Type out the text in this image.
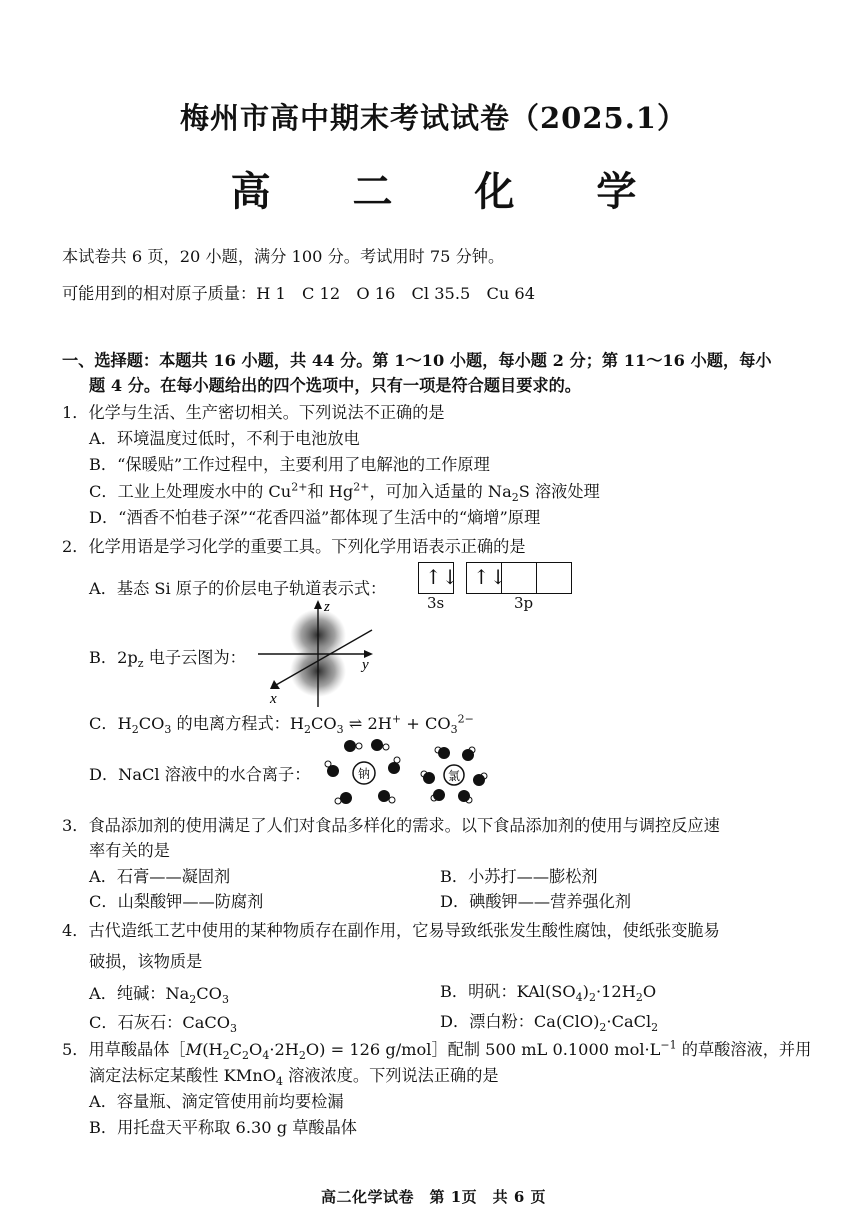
梅州市高中期末考试试卷（2025.1）
高 二 化 学
本试卷共 6 页，20 小题，满分 100 分。考试用时 75 分钟。
可能用到的相对原子质量：H 1　C 12　O 16　Cl 35.5　Cu 64
一、选择题：本题共 16 小题，共 44 分。第 1～10 小题，每小题 2 分；第 11～16 小题，每小
题 4 分。在每小题给出的四个选项中，只有一项是符合题目要求的。
1．化学与生活、生产密切相关。下列说法不正确的是
A．环境温度过低时，不利于电池放电
B．“保暖贴”工作过程中，主要利用了电解池的工作原理
C．工业上处理废水中的 $Cu^{2+}$和 $Hg^{2+}$，可加入适量的 $Na_2S$ 溶液处理
D．“酒香不怕巷子深”“花香四溢”都体现了生活中的“熵增”原理
2．化学用语是学习化学的重要工具。下列化学用语表示正确的是
A．基态 Si 原子的价层电子轨道表示式： ↑↓ ↑↓
3s	3p
B．$2p_z$ 电子云图为：
z
y
x
C．$H_2CO_3$ 的电离方程式：$H_2CO_3$ ⇌ $2H^+ + CO_3^{2-}$
D．NaCl 溶液中的水合离子：	钠	氯
3．食品添加剂的使用满足了人们对食品多样化的需求。以下食品添加剂的使用与调控反应速
率有关的是
A．石膏——凝固剂	B．小苏打——膨松剂
C．山梨酸钾——防腐剂	D．碘酸钾——营养强化剂
4．古代造纸工艺中使用的某种物质存在副作用，它易导致纸张发生酸性腐蚀，使纸张变脆易
破损，该物质是
A．纯碱：$Na_2CO_3$	B．明矾：$KAl(SO_4)_2\cdot 12H_2O$
C．石灰石：CaCO$_3$	D．漂白粉：$Ca(ClO)_2\cdot CaCl_2$
5．用草酸晶体$[M(H_2C_2O_4\cdot 2H_2O) = 126$ g/mol］配制 500 mL 0.1000 $mol\cdot L^{-1}$ 的草酸溶液，并用
滴定法标定某酸性 KMnO$_4$ 溶液浓度。下列说法正确的是
A．容量瓶、滴定管使用前均要检漏
B．用托盘天平称取 6.30 g 草酸晶体
高二化学试卷　第 1页　共 6 页
